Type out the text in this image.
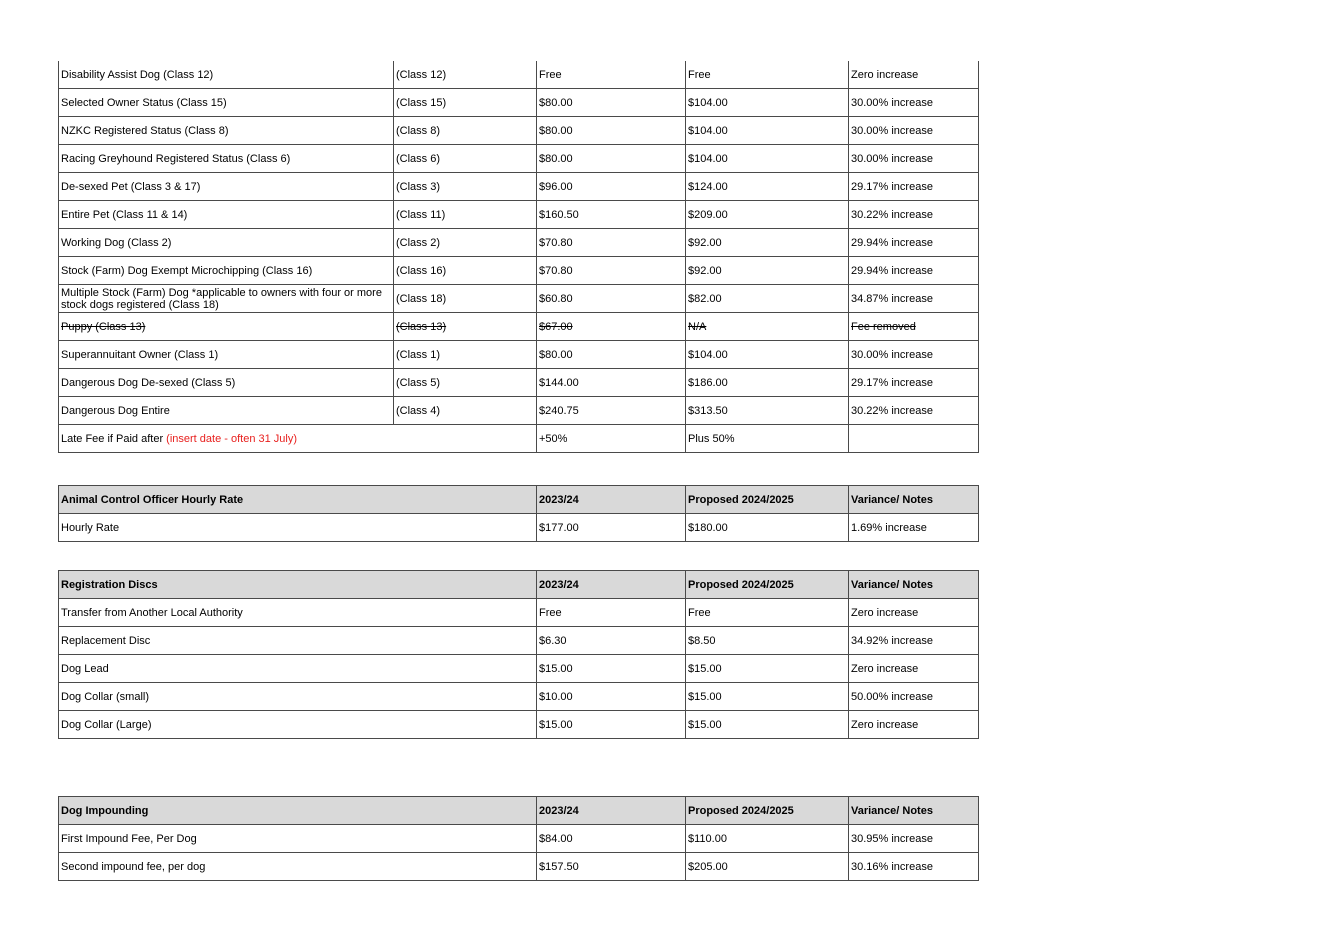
Disability Assist Dog (Class 12)	(Class 12)	Free	Free	Zero increase
Selected Owner Status (Class 15)	(Class 15)	$80.00	$104.00	30.00% increase
NZKC Registered Status (Class 8)	(Class 8)	$80.00	$104.00	30.00% increase
Racing Greyhound Registered Status (Class 6)	(Class 6)	$80.00	$104.00	30.00% increase
De-sexed Pet (Class 3 & 17)	(Class 3)	$96.00	$124.00	29.17% increase
Entire Pet (Class 11 & 14)	(Class 11)	$160.50	$209.00	30.22% increase
Working Dog (Class 2)	(Class 2)	$70.80	$92.00	29.94% increase
Stock (Farm) Dog Exempt Microchipping (Class 16)	(Class 16)	$70.80	$92.00	29.94% increase
Multiple Stock (Farm) Dog *applicable to owners with four or more stock dogs registered (Class 18)	(Class 18)	$60.80	$82.00	34.87% increase
Puppy (Class 13)	(Class 13)	$67.00	N/A	Fee removed
Superannuitant Owner (Class 1)	(Class 1)	$80.00	$104.00	30.00% increase
Dangerous Dog De-sexed (Class 5)	(Class 5)	$144.00	$186.00	29.17% increase
Dangerous Dog Entire	(Class 4)	$240.75	$313.50	30.22% increase
Late Fee if Paid after (insert date - often 31 July)		+50%	Plus 50%	
Animal Control Officer Hourly Rate	2023/24	Proposed 2024/2025	Variance/ Notes
Hourly Rate	$177.00	$180.00	1.69% increase
Registration Discs	2023/24	Proposed 2024/2025	Variance/ Notes
Transfer from Another Local Authority	Free	Free	Zero increase
Replacement Disc	$6.30	$8.50	34.92% increase
Dog Lead	$15.00	$15.00	Zero increase
Dog Collar (small)	$10.00	$15.00	50.00% increase
Dog Collar (Large)	$15.00	$15.00	Zero increase
Dog Impounding	2023/24	Proposed 2024/2025	Variance/ Notes
First Impound Fee, Per Dog	$84.00	$110.00	30.95% increase
Second impound fee, per dog	$157.50	$205.00	30.16% increase
